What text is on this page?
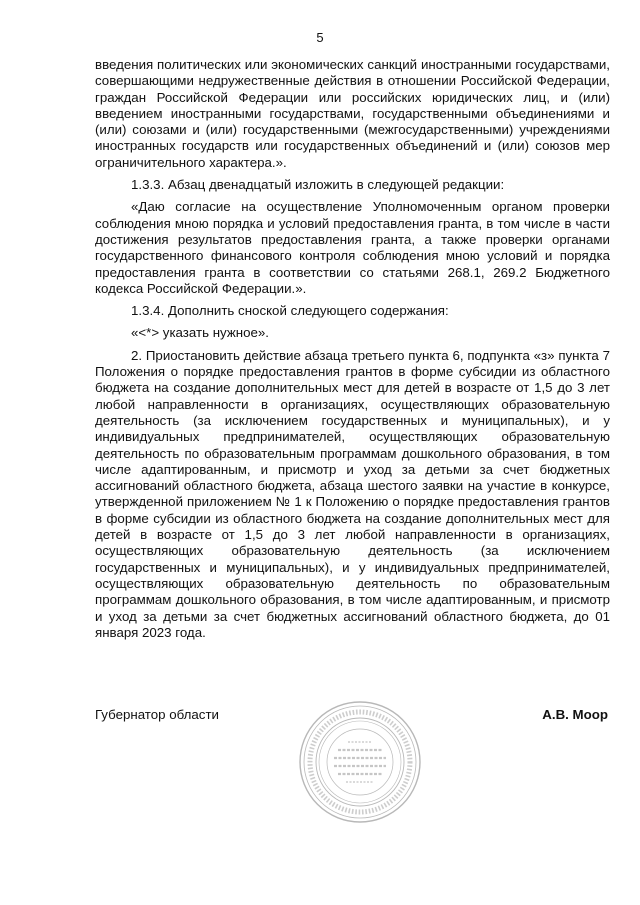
5

введения политических или экономических санкций иностранными государствами, совершающими недружественные действия в отношении Российской Федерации, граждан Российской Федерации или российских юридических лиц, и (или) введением иностранными государствами, государственными объединениями и (или) союзами и (или) государственными (межгосударственными) учреждениями иностранных государств или государственных объединений и (или) союзов мер ограничительного характера.».

1.3.3. Абзац двенадцатый изложить в следующей редакции:

«Даю согласие на осуществление Уполномоченным органом проверки соблюдения мною порядка и условий предоставления гранта, в том числе в части достижения результатов предоставления гранта, а также проверки органами государственного финансового контроля соблюдения мною условий и порядка предоставления гранта в соответствии со статьями 268.1, 269.2 Бюджетного кодекса Российской Федерации.».

1.3.4. Дополнить сноской следующего содержания:

«<*> указать нужное».

2. Приостановить действие абзаца третьего пункта 6, подпункта «з» пункта 7 Положения о порядке предоставления грантов в форме субсидии из областного бюджета на создание дополнительных мест для детей в возрасте от 1,5 до 3 лет любой направленности в организациях, осуществляющих образовательную деятельность (за исключением государственных и муниципальных), и у индивидуальных предпринимателей, осуществляющих образовательную деятельность по образовательным программам дошкольного образования, в том числе адаптированным, и присмотр и уход за детьми за счет бюджетных ассигнований областного бюджета, абзаца шестого заявки на участие в конкурсе, утвержденной приложением № 1 к Положению о порядке предоставления грантов в форме субсидии из областного бюджета на создание дополнительных мест для детей в возрасте от 1,5 до 3 лет любой направленности в организациях, осуществляющих образовательную деятельность (за исключением государственных и муниципальных), и у индивидуальных предпринимателей, осуществляющих образовательную деятельность по образовательным программам дошкольного образования, в том числе адаптированным, и присмотр и уход за детьми за счет бюджетных ассигнований областного бюджета, до 01 января 2023 года.

Губернатор области	А.В. Моор
